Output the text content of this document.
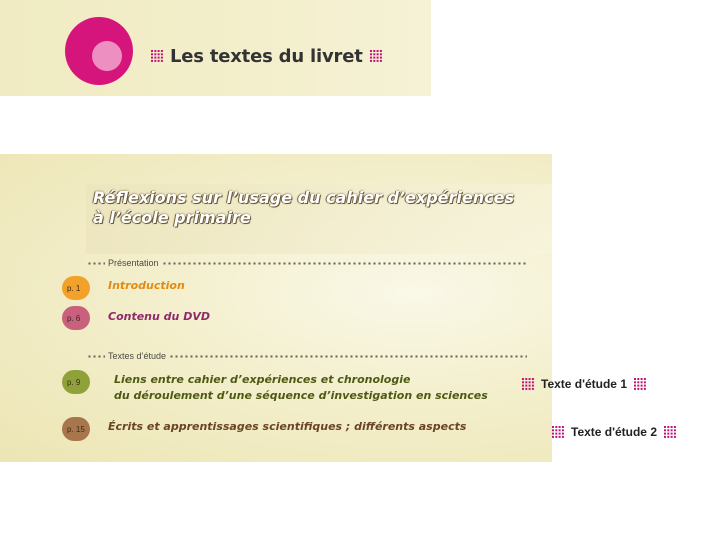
Les textes du livret
Réflexions sur l’usage du cahier d’expériences
à l’école primaire
Présentation
p. 1	Introduction
p. 6	Contenu du DVD
Textes d’étude
p. 9	Liens entre cahier d’expériences et chronologie
du déroulement d’une séquence d’investigation en sciences
p. 15 Écrits et apprentissages scientifiques ; différents aspects
Texte d'étude 1
Texte d'étude 2
